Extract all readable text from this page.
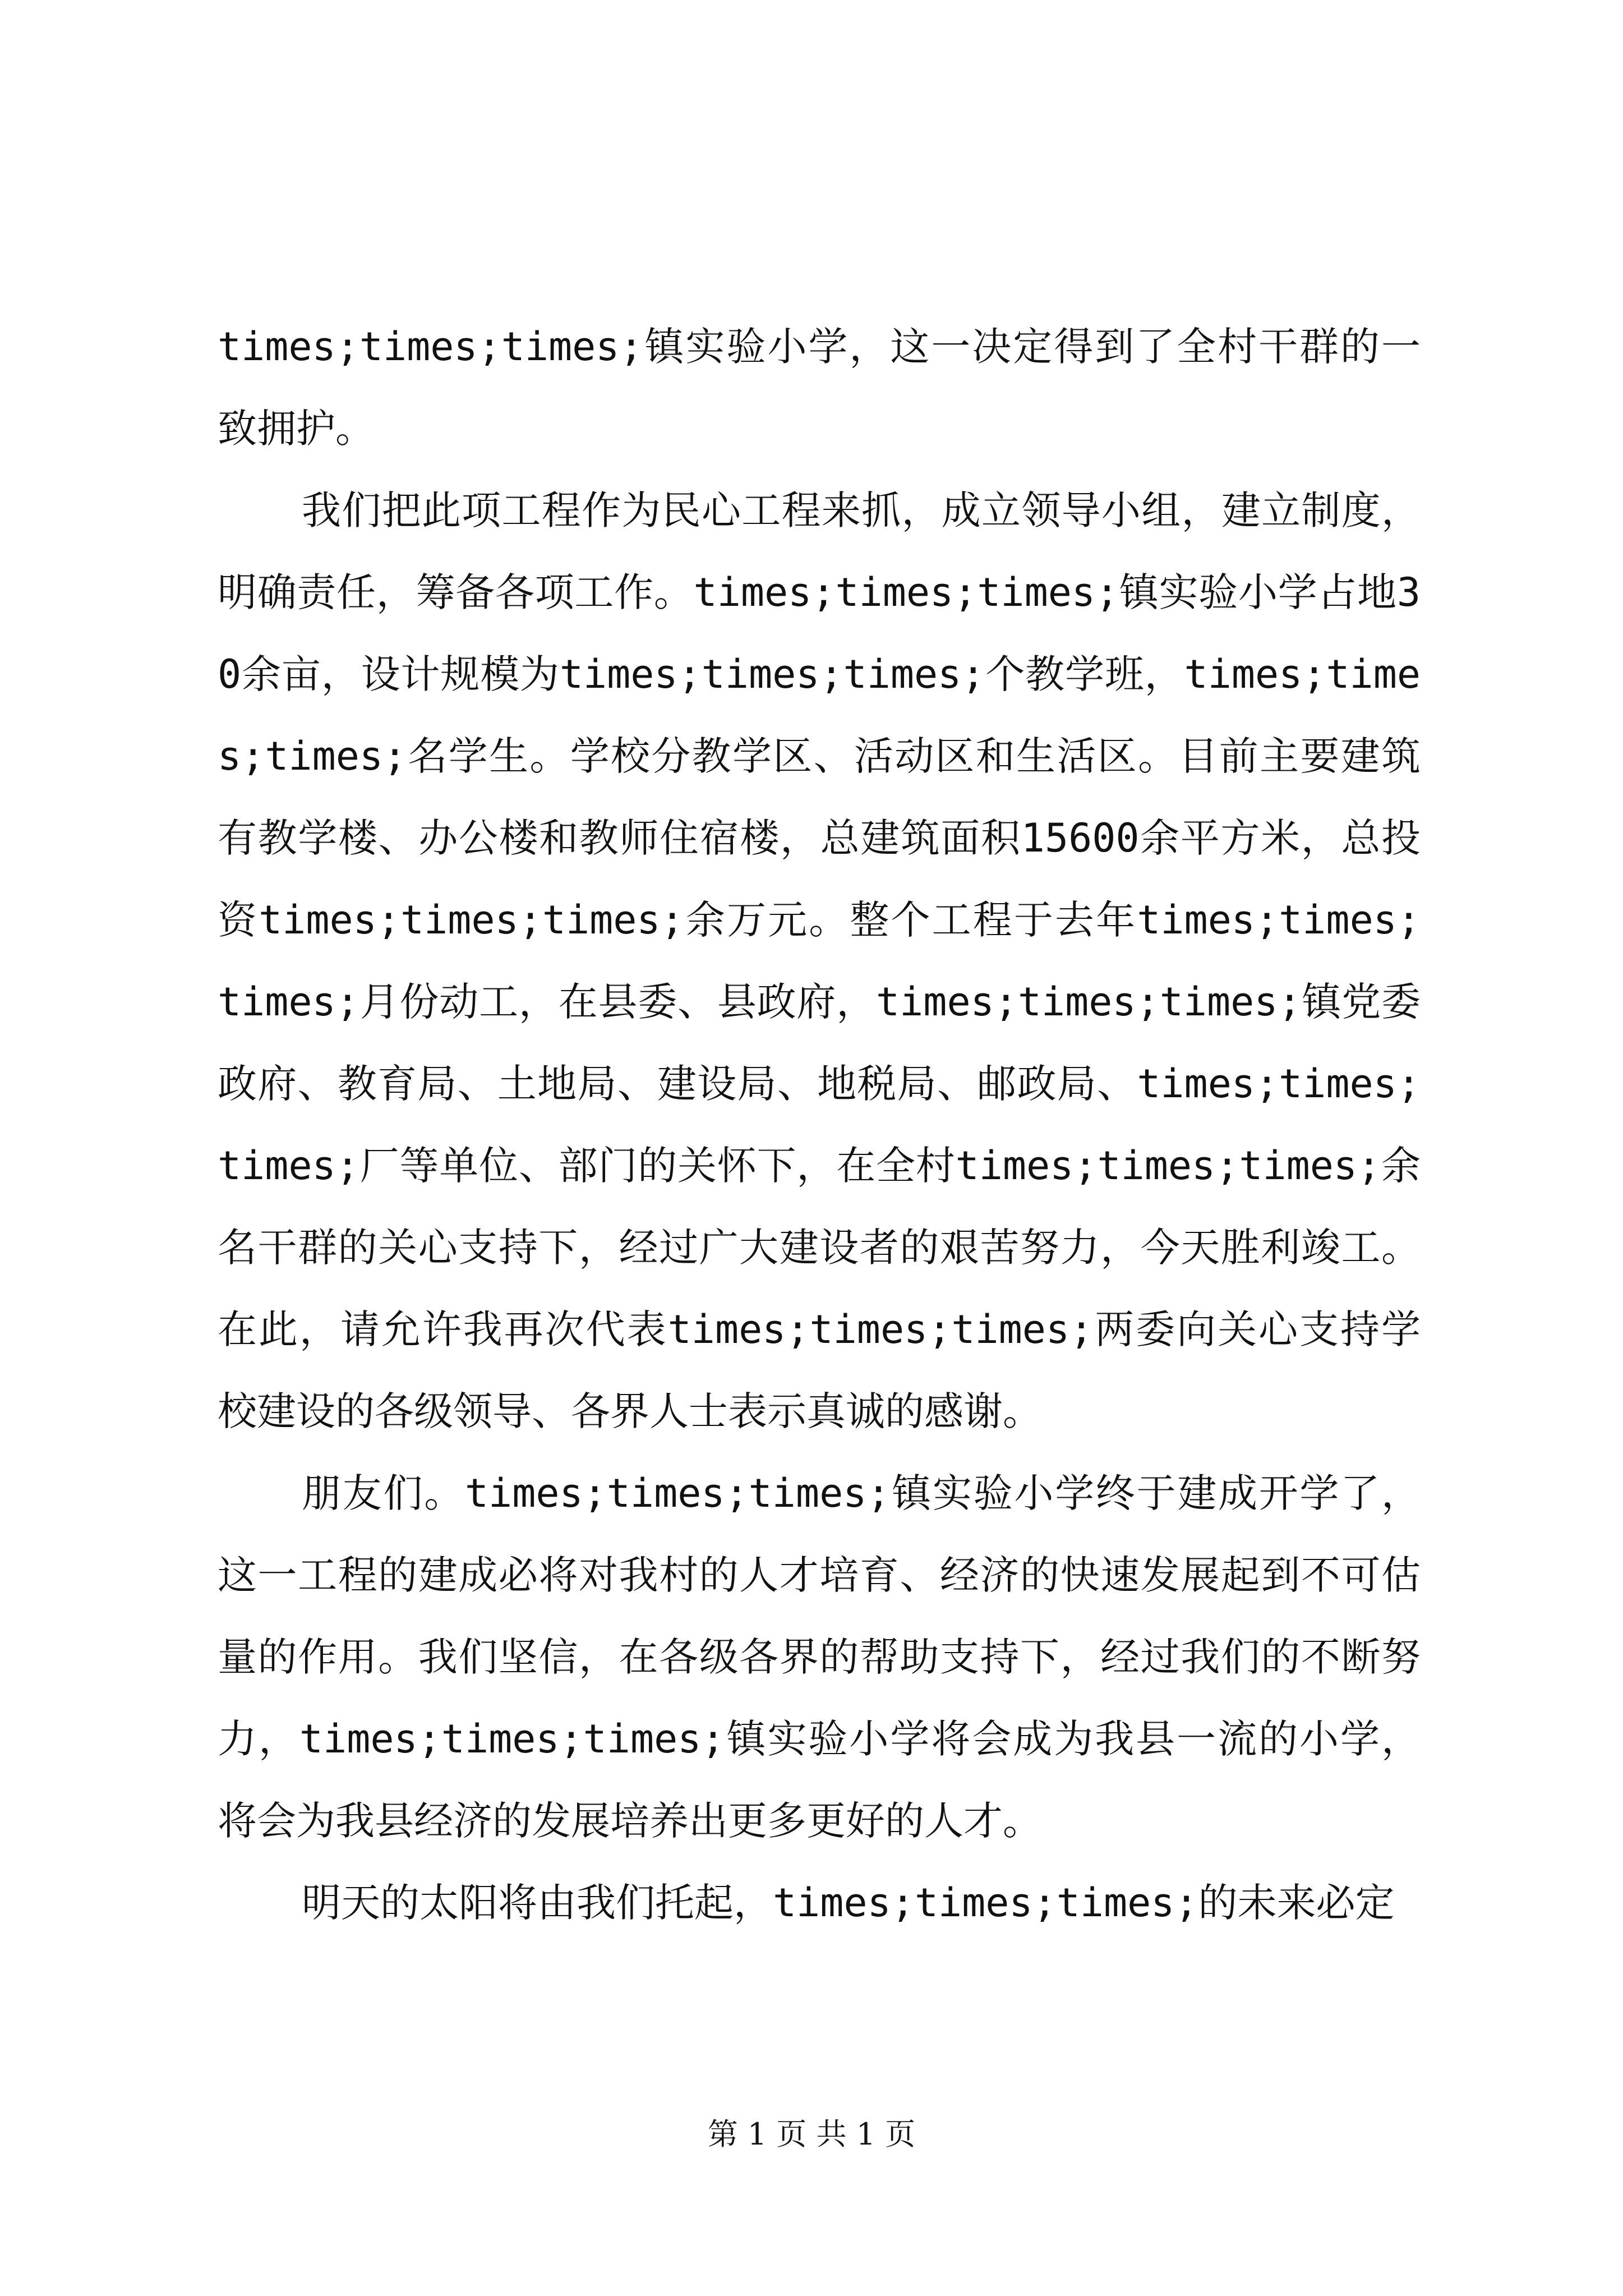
times;times;times;镇实验小学，这一决定得到了全村干群的一致拥护。

我们把此项工程作为民心工程来抓，成立领导小组，建立制度，明确责任，筹备各项工作。times;times;times;镇实验小学占地30余亩，设计规模为times;times;times;个教学班，times;times;times;名学生。学校分教学区、活动区和生活区。目前主要建筑有教学楼、办公楼和教师住宿楼，总建筑面积15600余平方米，总投资times;times;times;余万元。整个工程于去年times;times;times;月份动工，在县委、县政府，times;times;times;镇党委政府、教育局、土地局、建设局、地税局、邮政局、times;times;times;厂等单位、部门的关怀下，在全村times;times;times;余名干群的关心支持下，经过广大建设者的艰苦努力，今天胜利竣工。在此，请允许我再次代表times;times;times;两委向关心支持学校建设的各级领导、各界人士表示真诚的感谢。

朋友们。times;times;times;镇实验小学终于建成开学了，这一工程的建成必将对我村的人才培育、经济的快速发展起到不可估量的作用。我们坚信，在各级各界的帮助支持下，经过我们的不断努力，times;times;times;镇实验小学将会成为我县一流的小学，将会为我县经济的发展培养出更多更好的人才。

明天的太阳将由我们托起，times;times;times;的未来必定

第 1 页 共 1 页
